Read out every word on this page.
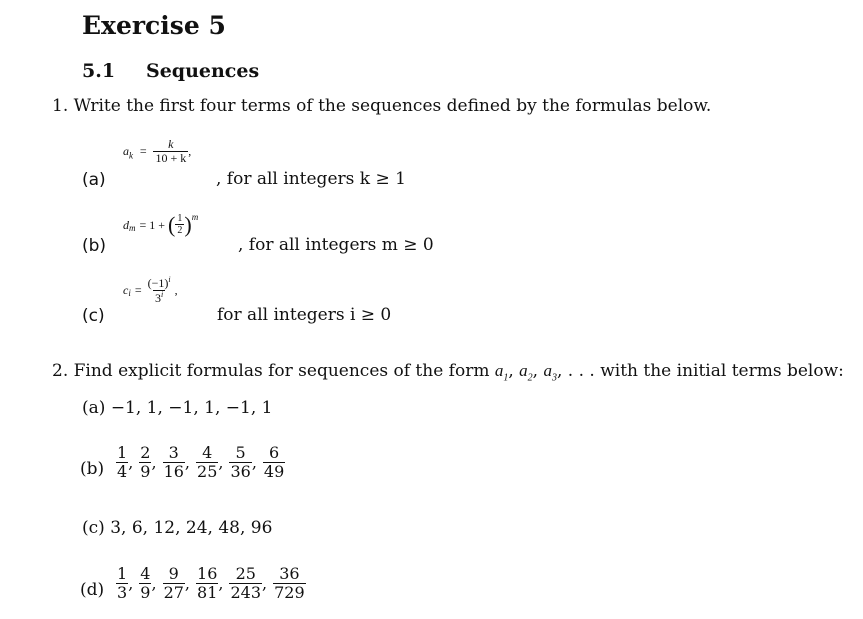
Exercise 5
5.1 Sequences
1. Write the first four terms of the sequences defined by the formulas below.
(a)
$a_k = \frac{k}{10 + k}$ ,
, for all integers k ≥ 1
(b)
$d_m = 1$ + ( $\frac{1}{2} )^m$
, for all integers m ≥ 0
(c)
$c_i = \frac{(-1)^i}{3^i}$ ,
for all integers i ≥ 0
2. Find explicit formulas for sequences of the form $a_1$, $a_2$, $a_3$, . . . with the initial terms below:
(a) −1, 1, −1, 1, −1, 1
$(b) \frac{1}{4}$ , $\frac{2}{9}$ , $\frac{3}{16}$ , $\frac{4}{25}$ , $\frac{5}{36}$ , $\frac{6}{49}$
(c) 3, 6, 12, 24, 48, 96
$(d) \frac{1}{3}$ , $\frac{4}{9}$ , $\frac{9}{27}$ , $\frac{16}{81}$ , $\frac{25}{243}$ , $\frac{36}{729}$
